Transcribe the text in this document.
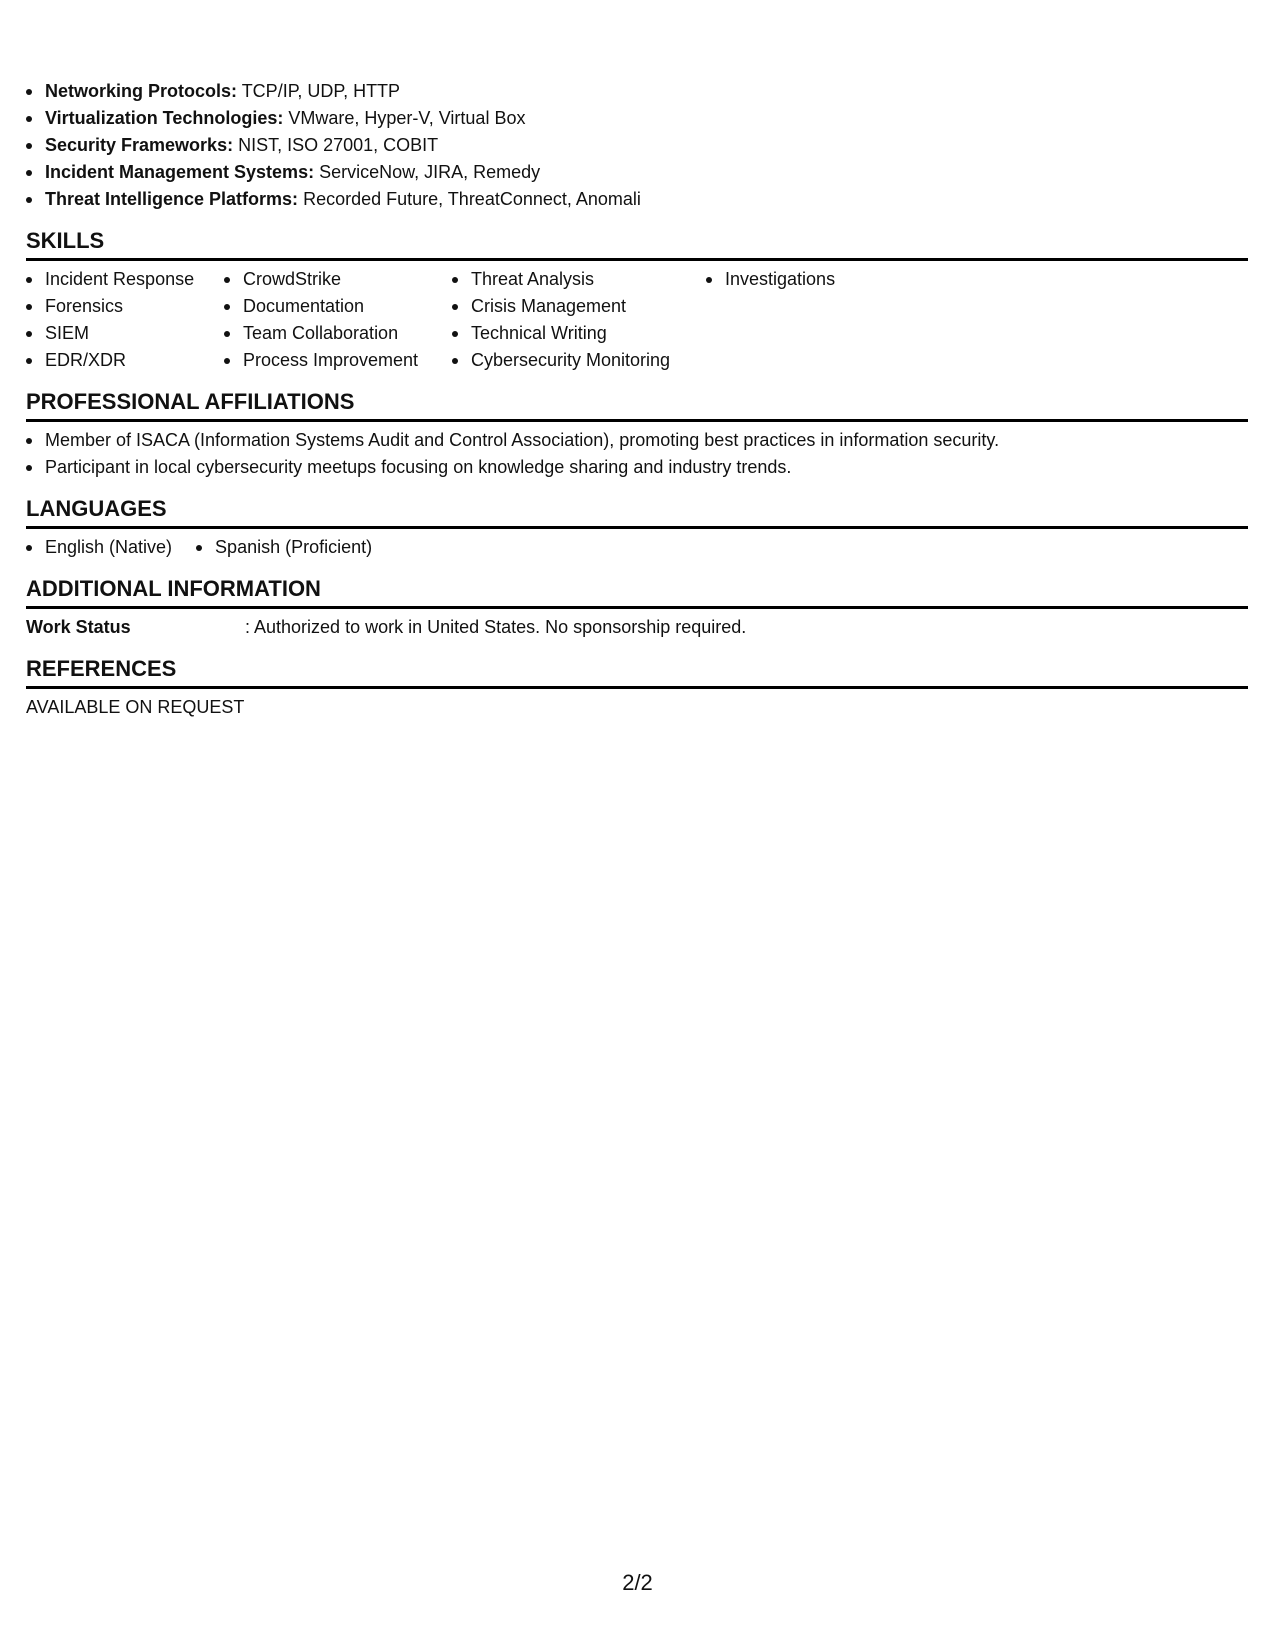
Networking Protocols: TCP/IP, UDP, HTTP
Virtualization Technologies: VMware, Hyper-V, Virtual Box
Security Frameworks: NIST, ISO 27001, COBIT
Incident Management Systems: ServiceNow, JIRA, Remedy
Threat Intelligence Platforms: Recorded Future, ThreatConnect, Anomali
SKILLS
Incident Response
Forensics
SIEM
EDR/XDR
CrowdStrike
Documentation
Team Collaboration
Process Improvement
Threat Analysis
Crisis Management
Technical Writing
Cybersecurity Monitoring
Investigations
PROFESSIONAL AFFILIATIONS
Member of ISACA (Information Systems Audit and Control Association), promoting best practices in information security.
Participant in local cybersecurity meetups focusing on knowledge sharing and industry trends.
LANGUAGES
English (Native)	Spanish (Proficient)
ADDITIONAL INFORMATION
Work Status	: Authorized to work in United States. No sponsorship required.
REFERENCES
AVAILABLE ON REQUEST
2/2
